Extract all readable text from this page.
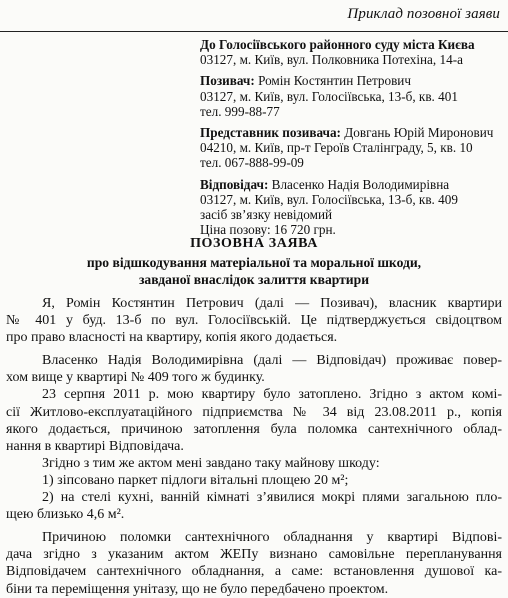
Приклад позовної заяви
До Голосіївського районного суду міста Києва
03127, м. Київ, вул. Полковника Потехіна, 14-а
Позивач: Ромін Костянтин Петрович
03127, м. Київ, вул. Голосіївська, 13-б, кв. 401
тел. 999-88-77
Представник позивача: Довгань Юрій Миронович
04210, м. Київ, пр-т Героїв Сталінграду, 5, кв. 10
тел. 067-888-99-09
Відповідач: Власенко Надія Володимирівна
03127, м. Київ, вул. Голосіївська, 13-б, кв. 409
засіб зв’язку невідомий
Ціна позову: 16 720 грн.
ПОЗОВНА ЗАЯВА
про відшкодування матеріальної та моральної шкоди,
завданої внаслідок залиття квартири
Я, Ромін Костянтин Петрович (далі — Позивач), власник квартири
№ 401 у буд. 13-б по вул. Голосіївській. Це підтверджується свідоцтвом
про право власності на квартиру, копія якого додається.
Власенко Надія Володимирівна (далі — Відповідач) проживає повер-
хом вище у квартирі № 409 того ж будинку.
23 серпня 2011 р. мою квартиру було затоплено. Згідно з актом комі-
сії Житлово-експлуатаційного підприємства № 34 від 23.08.2011 р., копія
якого додається, причиною затоплення була поломка сантехнічного облад-
нання в квартирі Відповідача.
Згідно з тим же актом мені завдано таку майнову шкоду:
1) зіпсовано паркет підлоги вітальні площею 20 м²;
2) на стелі кухні, ванній кімнаті з’явилися мокрі плями загальною пло-
щею близько 4,6 м².
Причиною поломки сантехнічного обладнання у квартирі Відпові-
дача згідно з указаним актом ЖЕПу визнано самовільне перепланування
Відповідачем сантехнічного обладнання, а саме: встановлення душової ка-
біни та переміщення унітазу, що не було передбачено проектом.
